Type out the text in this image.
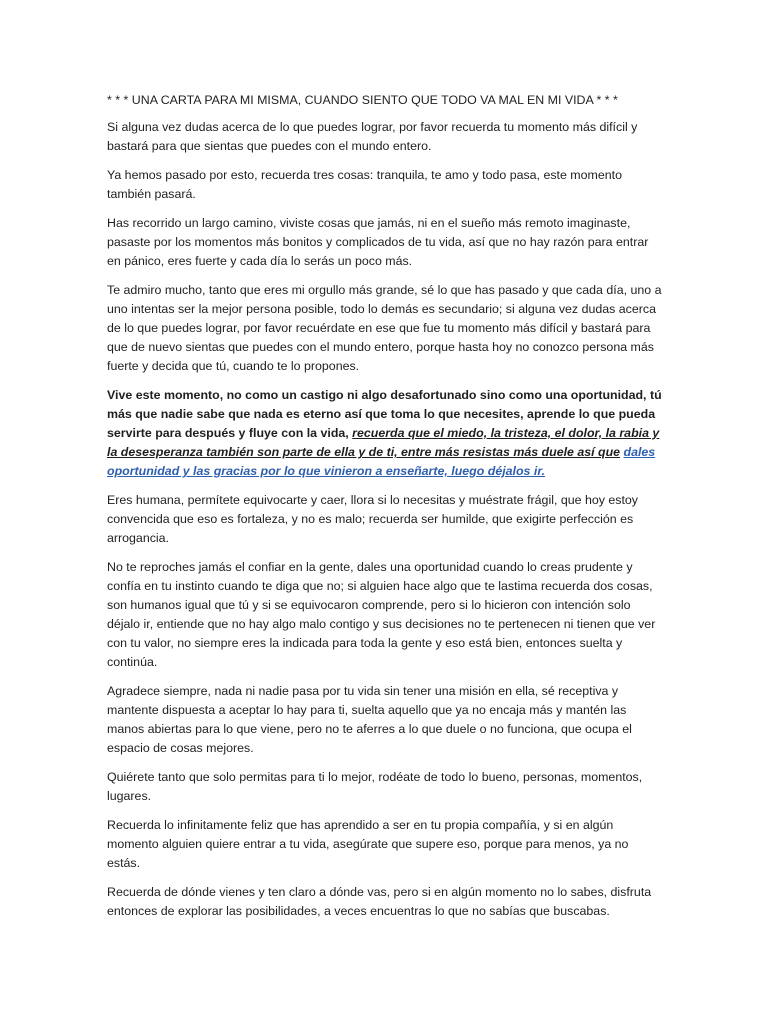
* * * UNA CARTA PARA MI MISMA, CUANDO SIENTO QUE TODO VA MAL EN MI VIDA * * *

Si alguna vez dudas acerca de lo que puedes lograr, por favor recuerda tu momento más difícil y bastará para que sientas que puedes con el mundo entero.

Ya hemos pasado por esto, recuerda tres cosas: tranquila, te amo y todo pasa, este momento también pasará.

Has recorrido un largo camino, viviste cosas que jamás, ni en el sueño más remoto imaginaste, pasaste por los momentos más bonitos y complicados de tu vida, así que no hay razón para entrar en pánico, eres fuerte y cada día lo serás un poco más.

Te admiro mucho, tanto que eres mi orgullo más grande, sé lo que has pasado y que cada día, uno a uno intentas ser la mejor persona posible, todo lo demás es secundario; si alguna vez dudas acerca de lo que puedes lograr, por favor recuérdate en ese que fue tu momento más difícil y bastará para que de nuevo sientas que puedes con el mundo entero, porque hasta hoy no conozco persona más fuerte y decida que tú, cuando te lo propones.

Vive este momento, no como un castigo ni algo desafortunado sino como una oportunidad, tú más que nadie sabe que nada es eterno así que toma lo que necesites, aprende lo que pueda servirte para después y fluye con la vida, recuerda que el miedo, la tristeza, el dolor, la rabia y la desesperanza también son parte de ella y de ti, entre más resistas más duele así que dales oportunidad y las gracias por lo que vinieron a enseñarte, luego déjalos ir.

Eres humana, permítete equivocarte y caer, llora si lo necesitas y muéstrate frágil, que hoy estoy convencida que eso es fortaleza, y no es malo; recuerda ser humilde, que exigirte perfección es arrogancia.

No te reproches jamás el confiar en la gente, dales una oportunidad cuando lo creas prudente y confía en tu instinto cuando te diga que no; si alguien hace algo que te lastima recuerda dos cosas, son humanos igual que tú y si se equivocaron comprende, pero si lo hicieron con intención solo déjalo ir, entiende que no hay algo malo contigo y sus decisiones no te pertenecen ni tienen que ver con tu valor, no siempre eres la indicada para toda la gente y eso está bien, entonces suelta y continúa.

Agradece siempre, nada ni nadie pasa por tu vida sin tener una misión en ella, sé receptiva y mantente dispuesta a aceptar lo hay para ti, suelta aquello que ya no encaja más y mantén las manos abiertas para lo que viene, pero no te aferres a lo que duele o no funciona, que ocupa el espacio de cosas mejores.

Quiérete tanto que solo permitas para ti lo mejor, rodéate de todo lo bueno, personas, momentos, lugares.

Recuerda lo infinitamente feliz que has aprendido a ser en tu propia compañía, y si en algún momento alguien quiere entrar a tu vida, asegúrate que supere eso, porque para menos, ya no estás.

Recuerda de dónde vienes y ten claro a dónde vas, pero si en algún momento no lo sabes, disfruta entonces de explorar las posibilidades, a veces encuentras lo que no sabías que buscabas.
